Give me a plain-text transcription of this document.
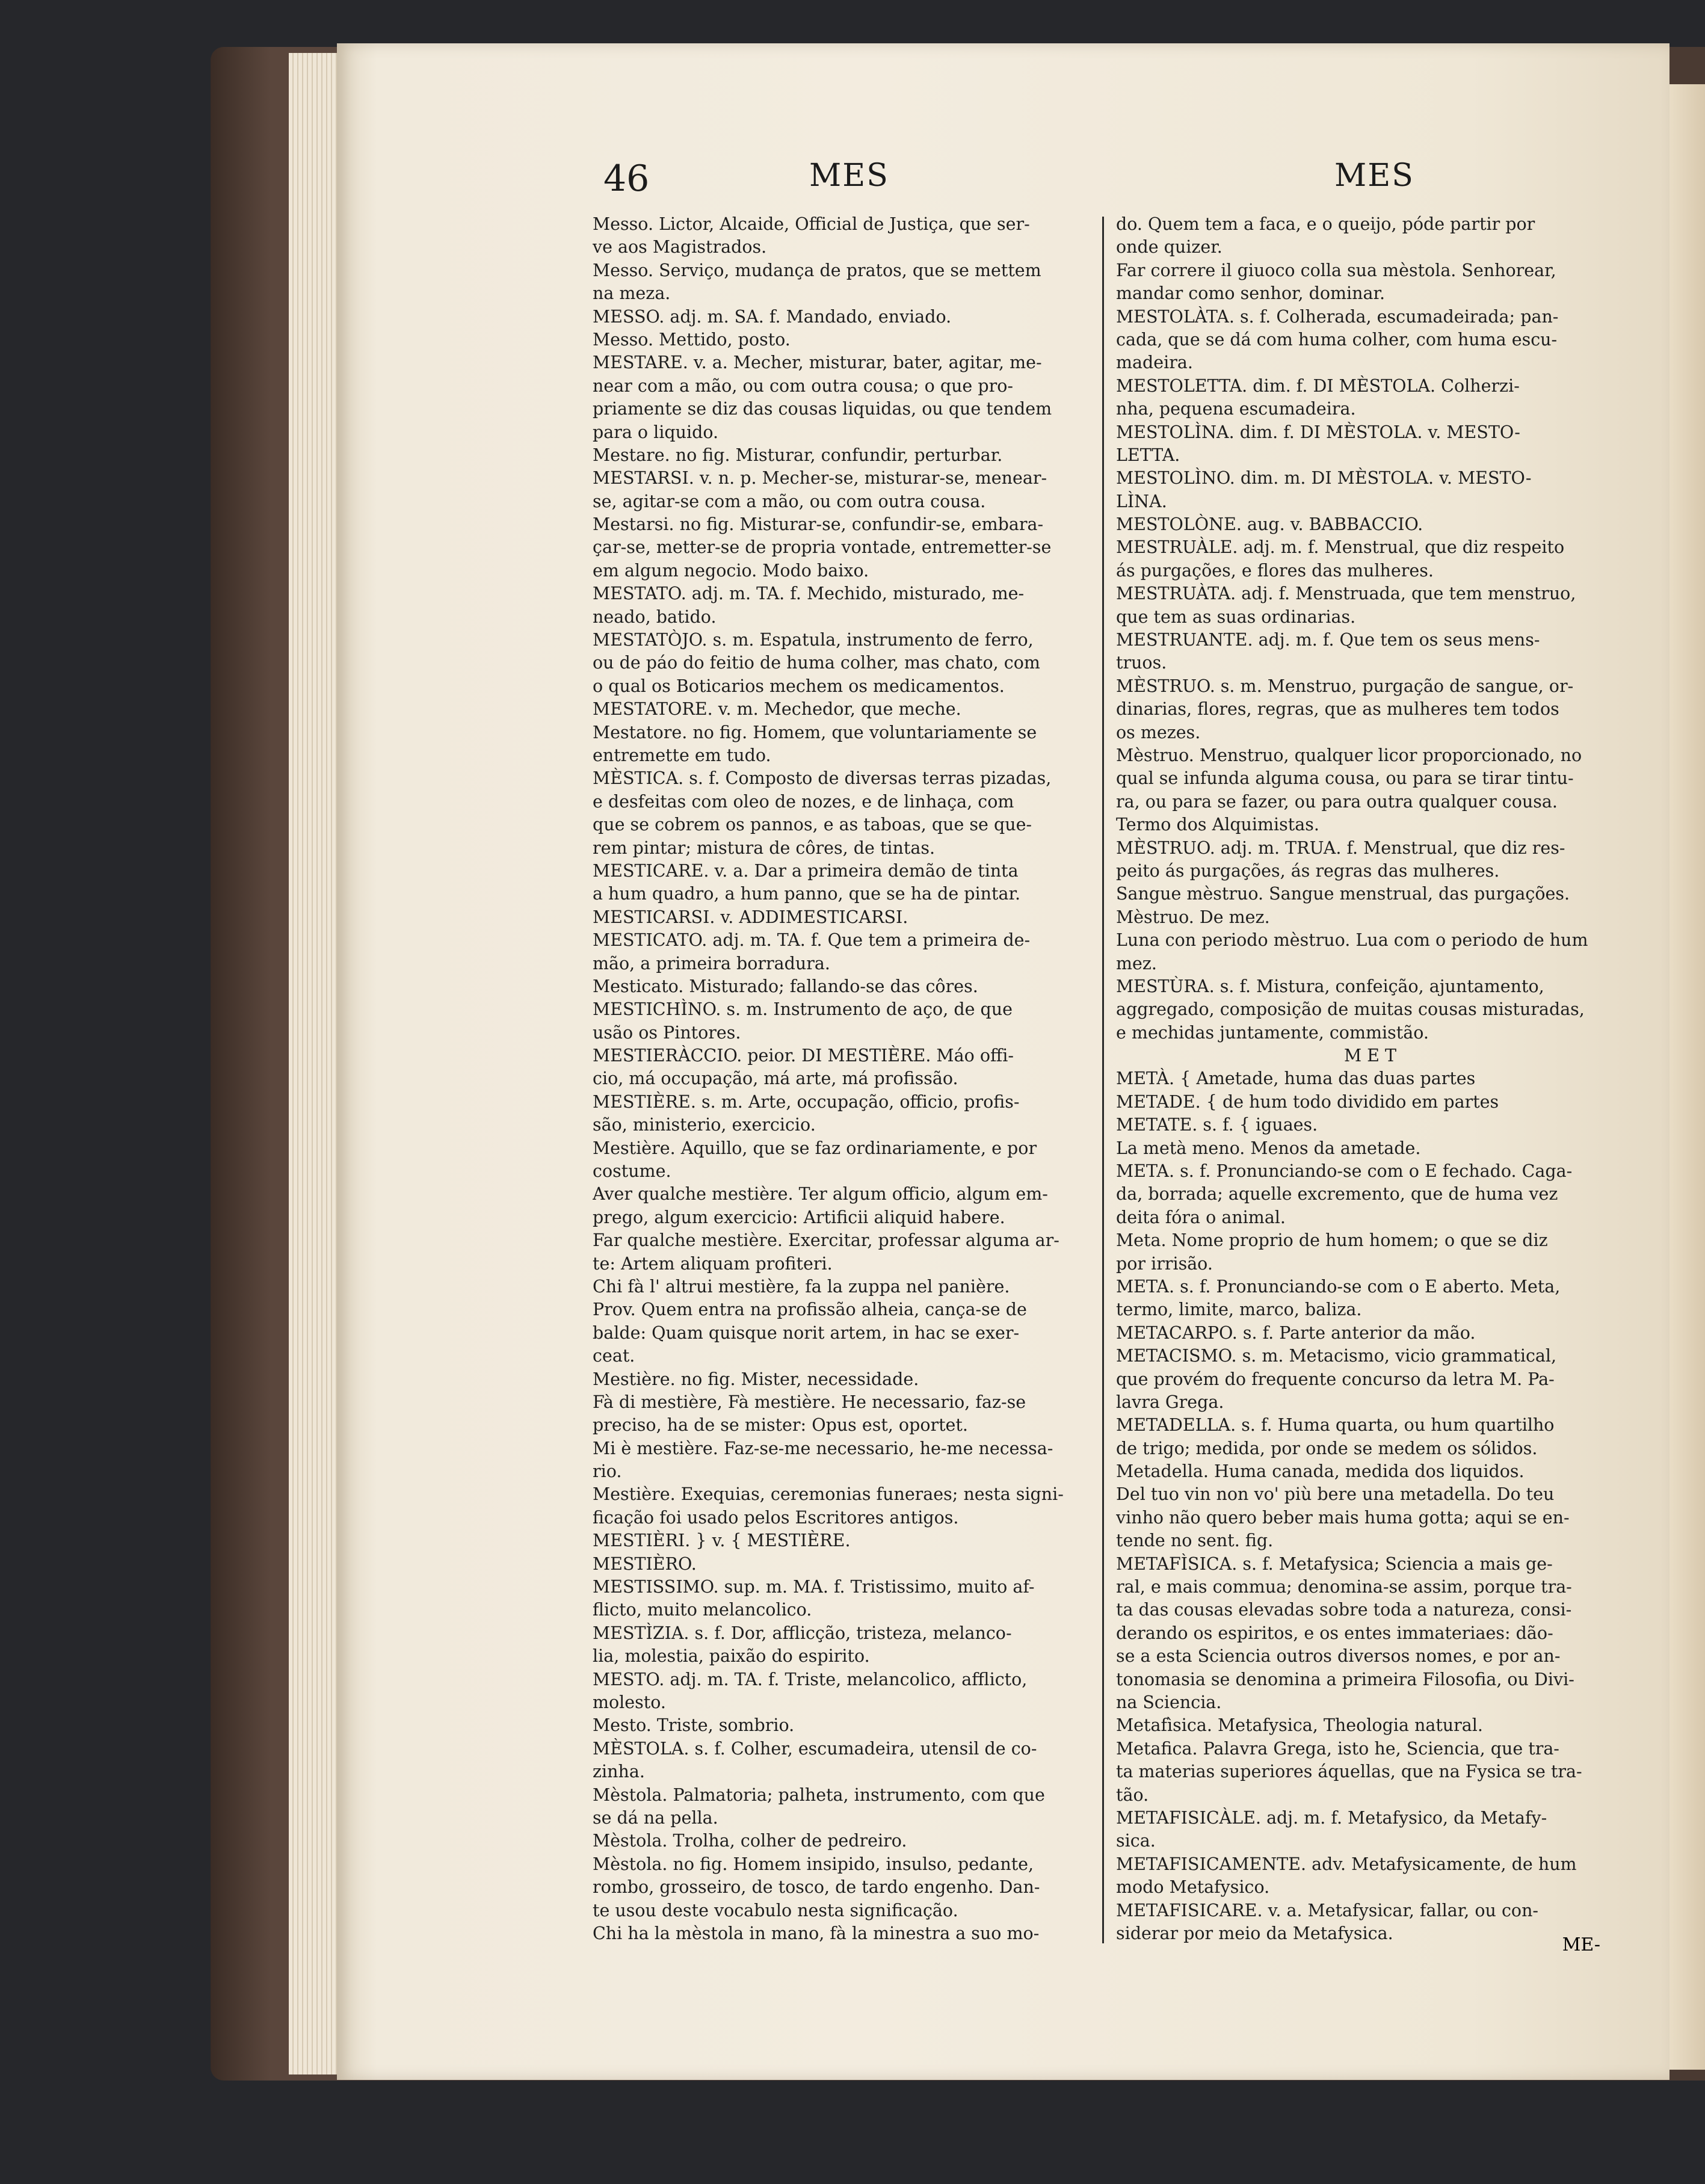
46	MES	MES
Messo. Lictor, Alcaide, Official de Justiça, que ser-
ve aos Magistrados.
Messo. Serviço, mudança de pratos, que se mettem
na meza.
MESSO. adj. m. SA. f. Mandado, enviado.
Messo. Mettido, posto.
MESTARE. v. a. Mecher, misturar, bater, agitar, me-
near com a mão, ou com outra cousa; o que pro-
priamente se diz das cousas liquidas, ou que tendem
para o liquido.
Mestare. no fig. Misturar, confundir, perturbar.
MESTARSI. v. n. p. Mecher-se, misturar-se, menear-
se, agitar-se com a mão, ou com outra cousa.
Mestarsi. no fig. Misturar-se, confundir-se, embara-
çar-se, metter-se de propria vontade, entremetter-se
em algum negocio. Modo baixo.
MESTATO. adj. m. TA. f. Mechido, misturado, me-
neado, batido.
MESTATÒJO. s. m. Espatula, instrumento de ferro,
ou de páo do feitio de huma colher, mas chato, com
o qual os Boticarios mechem os medicamentos.
MESTATORE. v. m. Mechedor, que meche.
Mestatore. no fig. Homem, que voluntariamente se
entremette em tudo.
MÈSTICA. s. f. Composto de diversas terras pizadas,
e desfeitas com oleo de nozes, e de linhaça, com
que se cobrem os pannos, e as taboas, que se que-
rem pintar; mistura de côres, de tintas.
MESTICARE. v. a. Dar a primeira demão de tinta
a hum quadro, a hum panno, que se ha de pintar.
MESTICARSI. v. ADDIMESTICARSI.
MESTICATO. adj. m. TA. f. Que tem a primeira de-
mão, a primeira borradura.
Mesticato. Misturado; fallando-se das côres.
MESTICHÌNO. s. m. Instrumento de aço, de que
usão os Pintores.
MESTIERÀCCIO. peior. DI MESTIÈRE. Máo offi-
cio, má occupação, má arte, má profissão.
MESTIÈRE. s. m. Arte, occupação, officio, profis-
são, ministerio, exercicio.
Mestière. Aquillo, que se faz ordinariamente, e por
costume.
Aver qualche mestière. Ter algum officio, algum em-
prego, algum exercicio: Artificii aliquid habere.
Far qualche mestière. Exercitar, professar alguma ar-
te: Artem aliquam profiteri.
Chi fà l' altrui mestière, fa la zuppa nel panière.
Prov. Quem entra na profissão alheia, cança-se de
balde: Quam quisque norit artem, in hac se exer-
ceat.
Mestière. no fig. Mister, necessidade.
Fà di mestière, Fà mestière. He necessario, faz-se
preciso, ha de se mister: Opus est, oportet.
Mi è mestière. Faz-se-me necessario, he-me necessa-
rio.
Mestière. Exequias, ceremonias funeraes; nesta signi-
ficação foi usado pelos Escritores antigos.
MESTIÈRI. } v. { MESTIÈRE.
MESTIÈRO.
MESTISSIMO. sup. m. MA. f. Tristissimo, muito af-
flicto, muito melancolico.
MESTÌZIA. s. f. Dor, afflicção, tristeza, melanco-
lia, molestia, paixão do espirito.
MESTO. adj. m. TA. f. Triste, melancolico, afflicto,
molesto.
Mesto. Triste, sombrio.
MÈSTOLA. s. f. Colher, escumadeira, utensil de co-
zinha.
Mèstola. Palmatoria; palheta, instrumento, com que
se dá na pella.
Mèstola. Trolha, colher de pedreiro.
Mèstola. no fig. Homem insipido, insulso, pedante,
rombo, grosseiro, de tosco, de tardo engenho. Dan-
te usou deste vocabulo nesta significação.
Chi ha la mèstola in mano, fà la minestra a suo mo-
do. Quem tem a faca, e o queijo, póde partir por
onde quizer.
Far correre il giuoco colla sua mèstola. Senhorear,
mandar como senhor, dominar.
MESTOLÀTA. s. f. Colherada, escumadeirada; pan-
cada, que se dá com huma colher, com huma escu-
madeira.
MESTOLETTA. dim. f. DI MÈSTOLA. Colherzi-
nha, pequena escumadeira.
MESTOLÌNA. dim. f. DI MÈSTOLA. v. MESTO-
LETTA.
MESTOLÌNO. dim. m. DI MÈSTOLA. v. MESTO-
LÌNA.
MESTOLÒNE. aug. v. BABBACCIO.
MESTRUÀLE. adj. m. f. Menstrual, que diz respeito
ás purgações, e flores das mulheres.
MESTRUÀTA. adj. f. Menstruada, que tem menstruo,
que tem as suas ordinarias.
MESTRUANTE. adj. m. f. Que tem os seus mens-
truos.
MÈSTRUO. s. m. Menstruo, purgação de sangue, or-
dinarias, flores, regras, que as mulheres tem todos
os mezes.
Mèstruo. Menstruo, qualquer licor proporcionado, no
qual se infunda alguma cousa, ou para se tirar tintu-
ra, ou para se fazer, ou para outra qualquer cousa.
Termo dos Alquimistas.
MÈSTRUO. adj. m. TRUA. f. Menstrual, que diz res-
peito ás purgações, ás regras das mulheres.
Sangue mèstruo. Sangue menstrual, das purgações.
Mèstruo. De mez.
Luna con periodo mèstruo. Lua com o periodo de hum
mez.
MESTÙRA. s. f. Mistura, confeição, ajuntamento,
aggregado, composição de muitas cousas misturadas,
e mechidas juntamente, commistão.
M E T
METÀ. { Ametade, huma das duas partes
METADE. { de hum todo dividido em partes
METATE. s. f. { iguaes.
La metà meno. Menos da ametade.
META. s. f. Pronunciando-se com o E fechado. Caga-
da, borrada; aquelle excremento, que de huma vez
deita fóra o animal.
Meta. Nome proprio de hum homem; o que se diz
por irrisão.
META. s. f. Pronunciando-se com o E aberto. Meta,
termo, limite, marco, baliza.
METACARPO. s. f. Parte anterior da mão.
METACISMO. s. m. Metacismo, vicio grammatical,
que provém do frequente concurso da letra M. Pa-
lavra Grega.
METADELLA. s. f. Huma quarta, ou hum quartilho
de trigo; medida, por onde se medem os sólidos.
Metadella. Huma canada, medida dos liquidos.
Del tuo vin non vo' più bere una metadella. Do teu
vinho não quero beber mais huma gotta; aqui se en-
tende no sent. fig.
METAFÌSICA. s. f. Metafysica; Sciencia a mais ge-
ral, e mais commua; denomina-se assim, porque tra-
ta das cousas elevadas sobre toda a natureza, consi-
derando os espiritos, e os entes immateriaes: dão-
se a esta Sciencia outros diversos nomes, e por an-
tonomasia se denomina a primeira Filosofia, ou Divi-
na Sciencia.
Metafìsica. Metafysica, Theologia natural.
Metafica. Palavra Grega, isto he, Sciencia, que tra-
ta materias superiores áquellas, que na Fysica se tra-
tão.
METAFISICÀLE. adj. m. f. Metafysico, da Metafy-
sica.
METAFISICAMENTE. adv. Metafysicamente, de hum
modo Metafysico.
METAFISICARE. v. a. Metafysicar, fallar, ou con-
siderar por meio da Metafysica.
ME-
